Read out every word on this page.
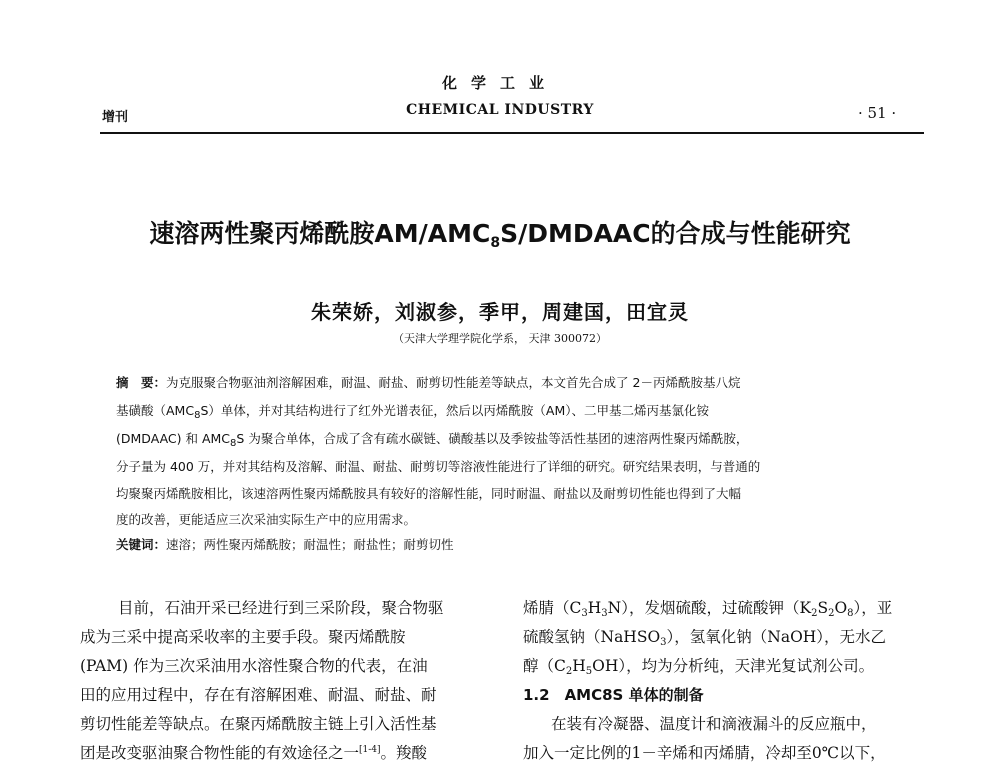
化学工业
增刊	CHEMICAL INDUSTRY	· 51 ·
速溶两性聚丙烯酰胺$AM/AMC_8S$/DMDAAC的合成与性能研究
朱荣娇，刘淑参，季甲，周建国，田宜灵
（天津大学理学院化学系， 天津 300072）
摘　要：为克服聚合物驱油剂溶解困难，耐温、耐盐、耐剪切性能差等缺点，本文首先合成了 2－丙烯酰胺基八烷
基磺酸$(AMC_8S)$单体，并对其结构进行了红外光谱表征，然后以丙烯酰胺（AM）、二甲基二烯丙基氯化铵
(DMDAAC) 和 $AMC_8S$ 为聚合单体，合成了含有疏水碳链、磺酸基以及季铵盐等活性基团的速溶两性聚丙烯酰胺，
分子量为 400 万，并对其结构及溶解、耐温、耐盐、耐剪切等溶液性能进行了详细的研究。研究结果表明，与普通的
均聚聚丙烯酰胺相比，该速溶两性聚丙烯酰胺具有较好的溶解性能，同时耐温、耐盐以及耐剪切性能也得到了大幅
度的改善，更能适应三次采油实际生产中的应用需求。
关键词：速溶；两性聚丙烯酰胺；耐温性；耐盐性；耐剪切性
目前，石油开采已经进行到三采阶段，聚合物驱
成为三采中提高采收率的主要手段。聚丙烯酰胺
(PAM) 作为三次采油用水溶性聚合物的代表，在油
田的应用过程中，存在有溶解困难、耐温、耐盐、耐
剪切性能差等缺点。在聚丙烯酰胺主链上引入活性基
团是改变驱油聚合物性能的有效途径之一[1-4]。羧酸
烯腈$(C_3H_3N)$，发烟硫酸，过硫酸钾$(K_2S_2O_8)$，亚
硫酸氢钠（NaHSO$_3$），氢氧化钠（NaOH），无水乙
醇$(C_2H_5OH)$，均为分析纯，天津光复试剂公司。
1.2　AMC8S 单体的制备
在装有冷凝器、温度计和滴液漏斗的反应瓶中，
加入一定比例的1－辛烯和丙烯腈，冷却至0℃以下，
